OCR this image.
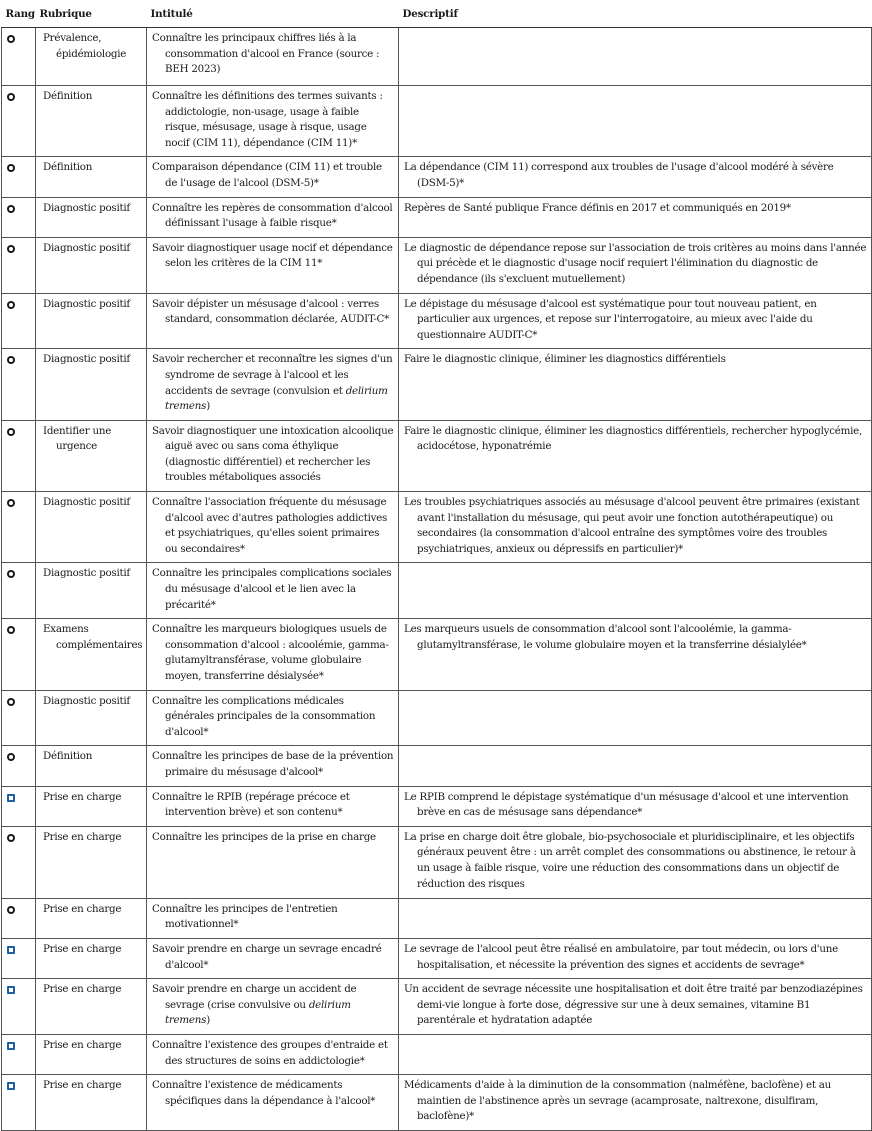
Rang	Rubrique	Intitulé	Descriptif
	Prévalence, épidémiologie	Connaître les principaux chiffres liés à la consommation d'alcool en France (source : BEH 2023)	
	Définition	Connaître les définitions des termes suivants : addictologie, non-usage, usage à faible risque, mésusage, usage à risque, usage nocif (CIM 11), dépendance (CIM 11)*	
	Définition	Comparaison dépendance (CIM 11) et trouble de l'usage de l'alcool (DSM-5)*	La dépendance (CIM 11) correspond aux troubles de l'usage d'alcool modéré à sévère (DSM-5)*
	Diagnostic positif	Connaître les repères de consommation d'alcool définissant l'usage à faible risque*	Repères de Santé publique France définis en 2017 et communiqués en 2019*
	Diagnostic positif	Savoir diagnostiquer usage nocif et dépendance selon les critères de la CIM 11*	Le diagnostic de dépendance repose sur l'association de trois critères au moins dans l'année qui précède et le diagnostic d'usage nocif requiert l'élimination du diagnostic de dépendance (ils s'excluent mutuellement)
	Diagnostic positif	Savoir dépister un mésusage d'alcool : verres standard, consommation déclarée, AUDIT-C*	Le dépistage du mésusage d'alcool est systématique pour tout nouveau patient, en particulier aux urgences, et repose sur l'interrogatoire, au mieux avec l'aide du questionnaire AUDIT-C*
	Diagnostic positif	Savoir rechercher et reconnaître les signes d'un syndrome de sevrage à l'alcool et les accidents de sevrage (convulsion et delirium tremens)	Faire le diagnostic clinique, éliminer les diagnostics différentiels
	Identifier une urgence	Savoir diagnostiquer une intoxication alcoolique aiguë avec ou sans coma éthylique (diagnostic différentiel) et rechercher les troubles métaboliques associés	Faire le diagnostic clinique, éliminer les diagnostics différentiels, rechercher hypoglycémie, acidocétose, hyponatrémie
	Diagnostic positif	Connaître l'association fréquente du mésusage d'alcool avec d'autres pathologies addictives et psychiatriques, qu'elles soient primaires ou secondaires*	Les troubles psychiatriques associés au mésusage d'alcool peuvent être primaires (existant avant l'installation du mésusage, qui peut avoir une fonction autothérapeutique) ou secondaires (la consommation d'alcool entraîne des symptômes voire des troubles psychiatriques, anxieux ou dépressifs en particulier)*
	Diagnostic positif	Connaître les principales complications sociales du mésusage d'alcool et le lien avec la précarité*	
	Examens complémentaires	Connaître les marqueurs biologiques usuels de consommation d'alcool : alcoolémie, gamma-glutamyltransférase, volume globulaire moyen, transferrine désialysée*	Les marqueurs usuels de consommation d'alcool sont l'alcoolémie, la gamma-glutamyltransférase, le volume globulaire moyen et la transferrine désialylée*
	Diagnostic positif	Connaître les complications médicales générales principales de la consommation d'alcool*	
	Définition	Connaître les principes de base de la prévention primaire du mésusage d'alcool*	
	Prise en charge	Connaître le RPIB (repérage précoce et intervention brève) et son contenu*	Le RPIB comprend le dépistage systématique d'un mésusage d'alcool et une intervention brève en cas de mésusage sans dépendance*
	Prise en charge	Connaître les principes de la prise en charge	La prise en charge doit être globale, bio-psychosociale et pluridisciplinaire, et les objectifs généraux peuvent être : un arrêt complet des consommations ou abstinence, le retour à un usage à faible risque, voire une réduction des consommations dans un objectif de réduction des risques
	Prise en charge	Connaître les principes de l'entretien motivationnel*	
	Prise en charge	Savoir prendre en charge un sevrage encadré d'alcool*	Le sevrage de l'alcool peut être réalisé en ambulatoire, par tout médecin, ou lors d'une hospitalisation, et nécessite la prévention des signes et accidents de sevrage*
	Prise en charge	Savoir prendre en charge un accident de sevrage (crise convulsive ou delirium tremens)	Un accident de sevrage nécessite une hospitalisation et doit être traité par benzodiazépines demi-vie longue à forte dose, dégressive sur une à deux semaines, vitamine B1 parentérale et hydratation adaptée
	Prise en charge	Connaître l'existence des groupes d'entraide et des structures de soins en addictologie*	
	Prise en charge	Connaître l'existence de médicaments spécifiques dans la dépendance à l'alcool*	Médicaments d'aide à la diminution de la consommation (nalméfène, baclofène) et au maintien de l'abstinence après un sevrage (acamprosate, naltrexone, disulfiram, baclofène)*
